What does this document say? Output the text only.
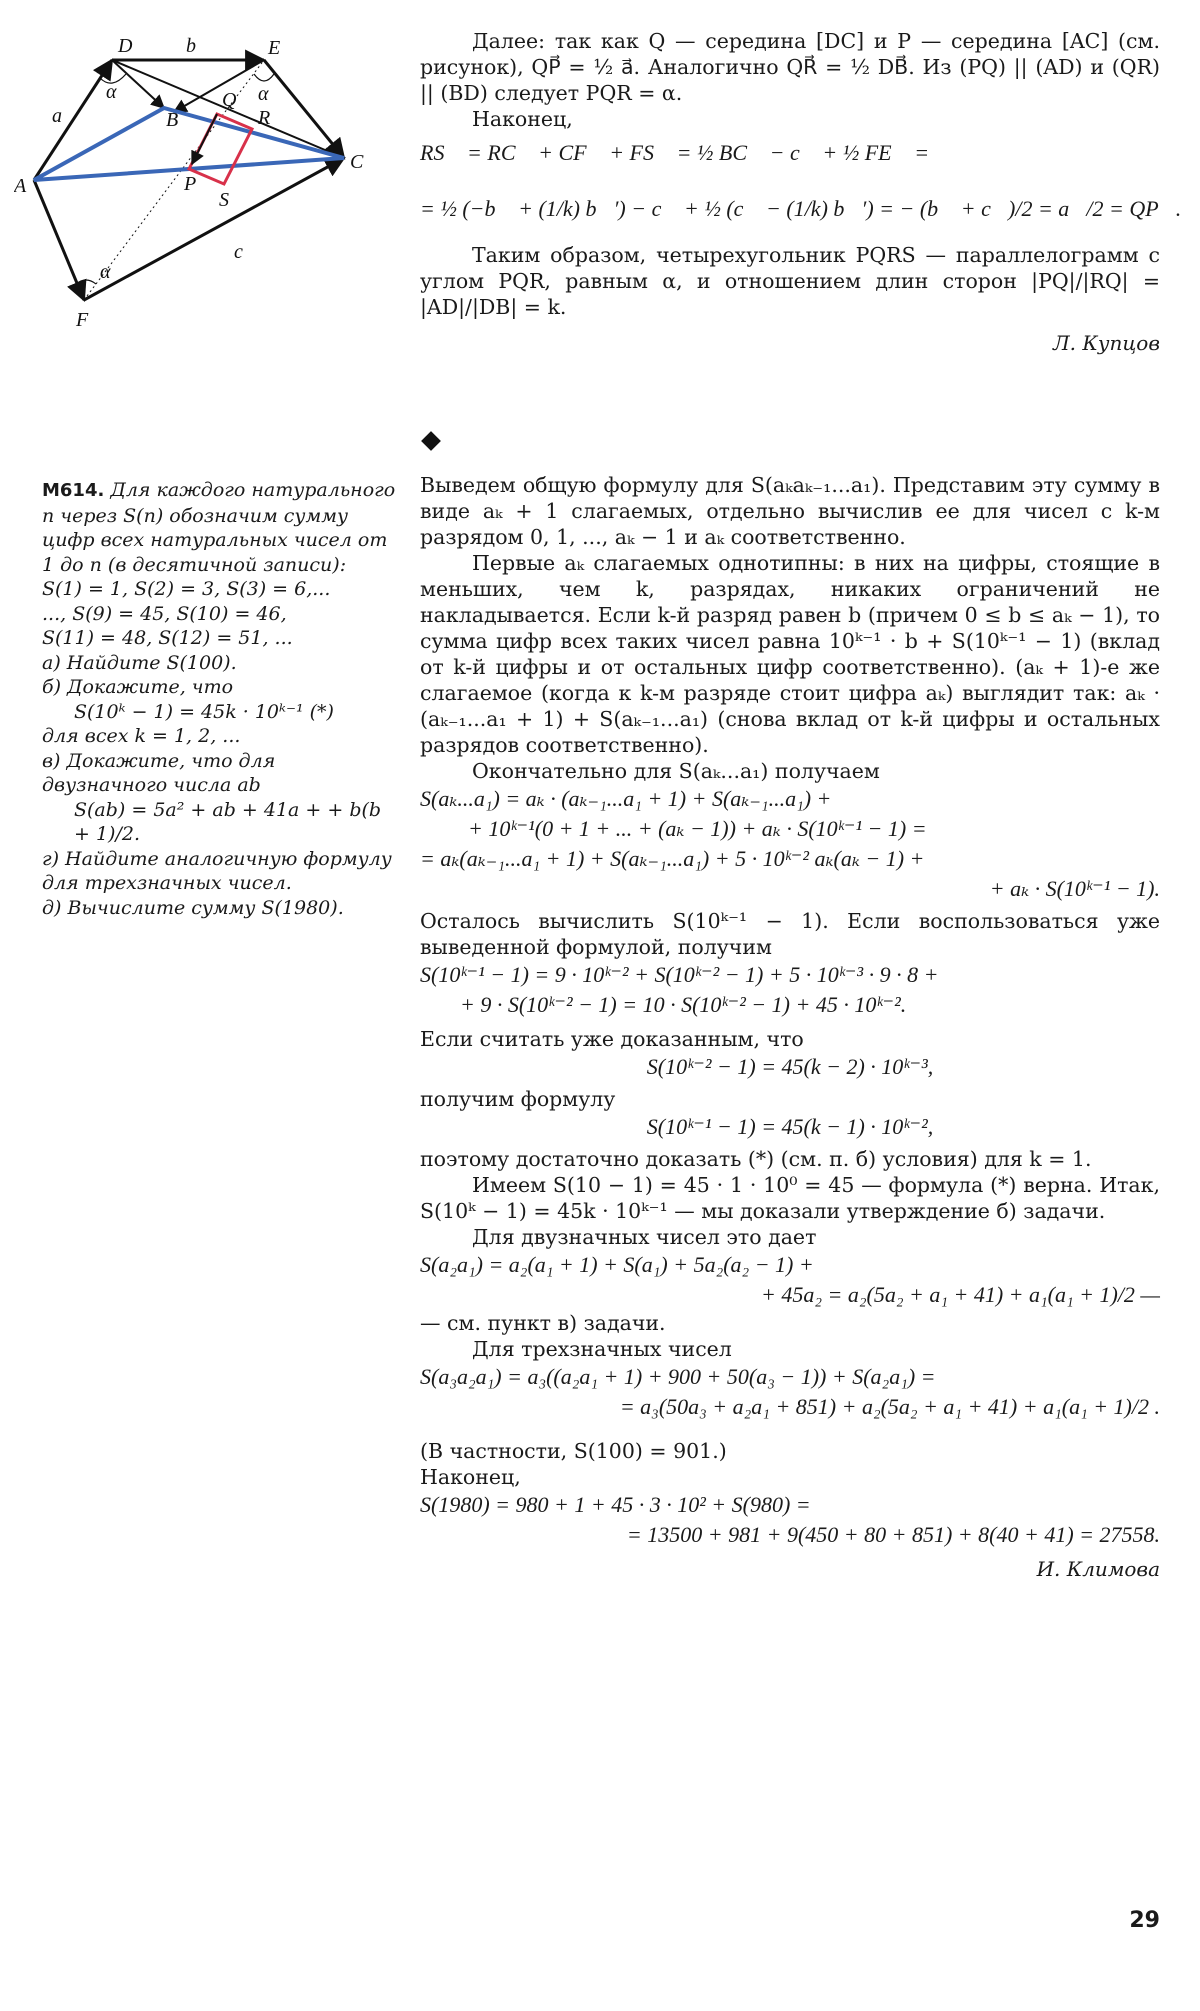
D	E
A
B
Q
R
C
P
S
F
a⃗
b⃗
c⃗
α	α
α

Далее: так как Q — середина [DC] и P — середина [AC] (см. рисунок), QP⃗ = ½ a⃗. Аналогично QR⃗ = ½ DB⃗. Из (PQ) || (AD) и (QR) || (BD) следует PQR = α.

Наконец,

RS⃗ = RC⃗ + CF⃗ + FS⃗ = ½ BC⃗ − c⃗ + ½ FE⃗ =
= ½ (−b⃗ + (1/k) b⃗′) − c⃗ + ½ (c⃗ − (1/k) b⃗′) = − (b⃗ + c⃗)/2 = a⃗/2 = QP⃗.

Таким образом, четырехугольник PQRS — параллелограмм с углом PQR, равным α, и отношением длин сторон |PQ|/|RQ| = |AD|/|DB| = k.

Л. Купцов
М614. Для каждого натурального n через S(n) обозначим сумму цифр всех натуральных чисел от 1 до n (в десятичной записи):
S(1) = 1, S(2) = 3, S(3) = 6,...
..., S(9) = 45, S(10) = 46,
S(11) = 48, S(12) = 51, ...
а) Найдите S(100).
б) Докажите, что
S(10ᵏ − 1) = 45k · 10ᵏ⁻¹ (*)
для всех k = 1, 2, ...
в) Докажите, что для двузначного числа ab
S(ab) = 5a² + ab + 41a + + b(b + 1)/2.
г) Найдите аналогичную формулу для трехзначных чисел.
д) Вычислите сумму S(1980).

Выведем общую формулу для S(aₖaₖ₋₁...a₁). Представим эту сумму в виде aₖ + 1 слагаемых, отдельно вычислив ее для чисел с k-м разрядом 0, 1, ..., aₖ − 1 и aₖ соответственно.

Первые aₖ слагаемых однотипны: в них на цифры, стоящие в меньших, чем k, разрядах, никаких ограничений не накладывается. Если k-й разряд равен b (причем 0 ≤ b ≤ aₖ − 1), то сумма цифр всех таких чисел равна 10ᵏ⁻¹ · b + S(10ᵏ⁻¹ − 1) (вклад от k-й цифры и от остальных цифр соответственно). (aₖ + 1)-е же слагаемое (когда к k-м разряде стоит цифра aₖ) выглядит так: aₖ · (aₖ₋₁...a₁ + 1) + S(aₖ₋₁...a₁) (снова вклад от k-й цифры и остальных разрядов соответственно).

Окончательно для S(aₖ...a₁) получаем

S(aₖ...a₁) = aₖ · (aₖ₋₁...a₁ + 1) + S(aₖ₋₁...a₁) +
+ 10ᵏ⁻¹(0 + 1 + ... + (aₖ − 1)) + aₖ · S(10ᵏ⁻¹ − 1) =
= aₖ(aₖ₋₁...a₁ + 1) + S(aₖ₋₁...a₁) + 5 · 10ᵏ⁻² aₖ(aₖ − 1) +
+ aₖ · S(10ᵏ⁻¹ − 1).

Осталось вычислить S(10ᵏ⁻¹ − 1). Если воспользоваться уже выведенной формулой, получим

S(10ᵏ⁻¹ − 1) = 9 · 10ᵏ⁻² + S(10ᵏ⁻² − 1) + 5 · 10ᵏ⁻³ · 9 · 8 +
+ 9 · S(10ᵏ⁻² − 1) = 10 · S(10ᵏ⁻² − 1) + 45 · 10ᵏ⁻².

Если считать уже доказанным, что

S(10ᵏ⁻² − 1) = 45(k − 2) · 10ᵏ⁻³,

получим формулу

S(10ᵏ⁻¹ − 1) = 45(k − 1) · 10ᵏ⁻²,

поэтому достаточно доказать (*) (см. п. б) условия) для k = 1.

Имеем S(10 − 1) = 45 · 1 · 10⁰ = 45 — формула (*) верна. Итак, S(10ᵏ − 1) = 45k · 10ᵏ⁻¹ — мы доказали утверждение б) задачи.

Для двузначных чисел это дает

S(a₂a₁) = a₂(a₁ + 1) + S(a₁) + 5a₂(a₂ − 1) +
+ 45a₂ = a₂(5a₂ + a₁ + 41) + a₁(a₁ + 1)/2 —

— см. пункт в) задачи.

Для трехзначных чисел

S(a₃a₂a₁) = a₃((a₂a₁ + 1) + 900 + 50(a₃ − 1)) + S(a₂a₁) =
= a₃(50a₃ + a₂a₁ + 851) + a₂(5a₂ + a₁ + 41) + a₁(a₁ + 1)/2 .

(В частности, S(100) = 901.)

Наконец,

S(1980) = 980 + 1 + 45 · 3 · 10² + S(980) =
= 13500 + 981 + 9(450 + 80 + 851) + 8(40 + 41) = 27558.
И. Климова
29
